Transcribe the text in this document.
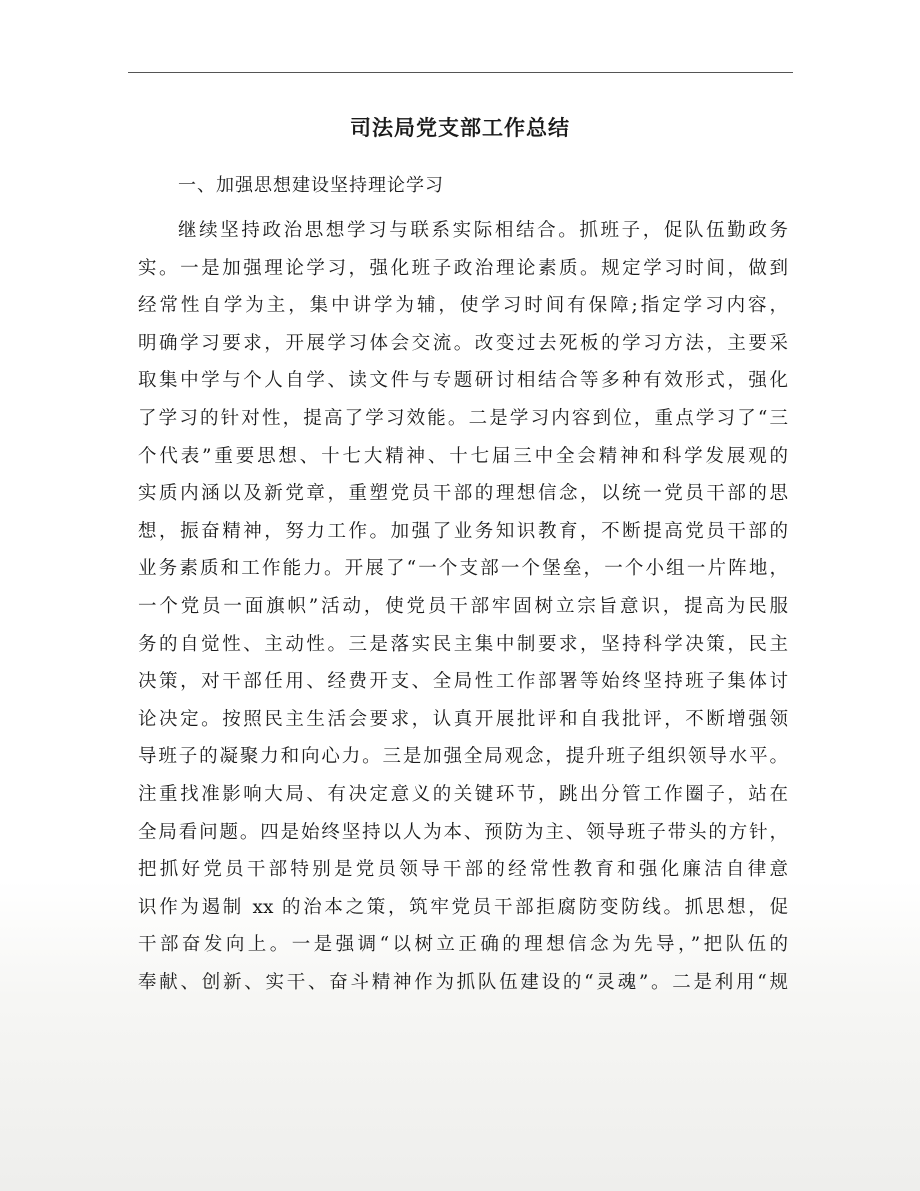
司法局党支部工作总结
一、加强思想建设坚持理论学习
继续坚持政治思想学习与联系实际相结合。抓班子，促队伍勤政务
实。一是加强理论学习，强化班子政治理论素质。规定学习时间，做到
经常性自学为主，集中讲学为辅，使学习时间有保障;指定学习内容，
明确学习要求，开展学习体会交流。改变过去死板的学习方法，主要采
取集中学与个人自学、读文件与专题研讨相结合等多种有效形式，强化
了学习的针对性，提高了学习效能。二是学习内容到位，重点学习了“三
个代表”重要思想、十七大精神、十七届三中全会精神和科学发展观的
实质内涵以及新党章，重塑党员干部的理想信念，以统一党员干部的思
想，振奋精神，努力工作。加强了业务知识教育，不断提高党员干部的
业务素质和工作能力。开展了“一个支部一个堡垒，一个小组一片阵地，
一个党员一面旗帜”活动，使党员干部牢固树立宗旨意识，提高为民服
务的自觉性、主动性。三是落实民主集中制要求，坚持科学决策，民主
决策，对干部任用、经费开支、全局性工作部署等始终坚持班子集体讨
论决定。按照民主生活会要求，认真开展批评和自我批评，不断增强领
导班子的凝聚力和向心力。三是加强全局观念，提升班子组织领导水平。
注重找准影响大局、有决定意义的关键环节，跳出分管工作圈子，站在
全局看问题。四是始终坚持以人为本、预防为主、领导班子带头的方针，
把抓好党员干部特别是党员领导干部的经常性教育和强化廉洁自律意
识作为遏制 xx 的治本之策，筑牢党员干部拒腐防变防线。抓思想，促
干部奋发向上。一是强调“以树立正确的理想信念为先导，”把队伍的
奉献、创新、实干、奋斗精神作为抓队伍建设的“灵魂”。二是利用“规
